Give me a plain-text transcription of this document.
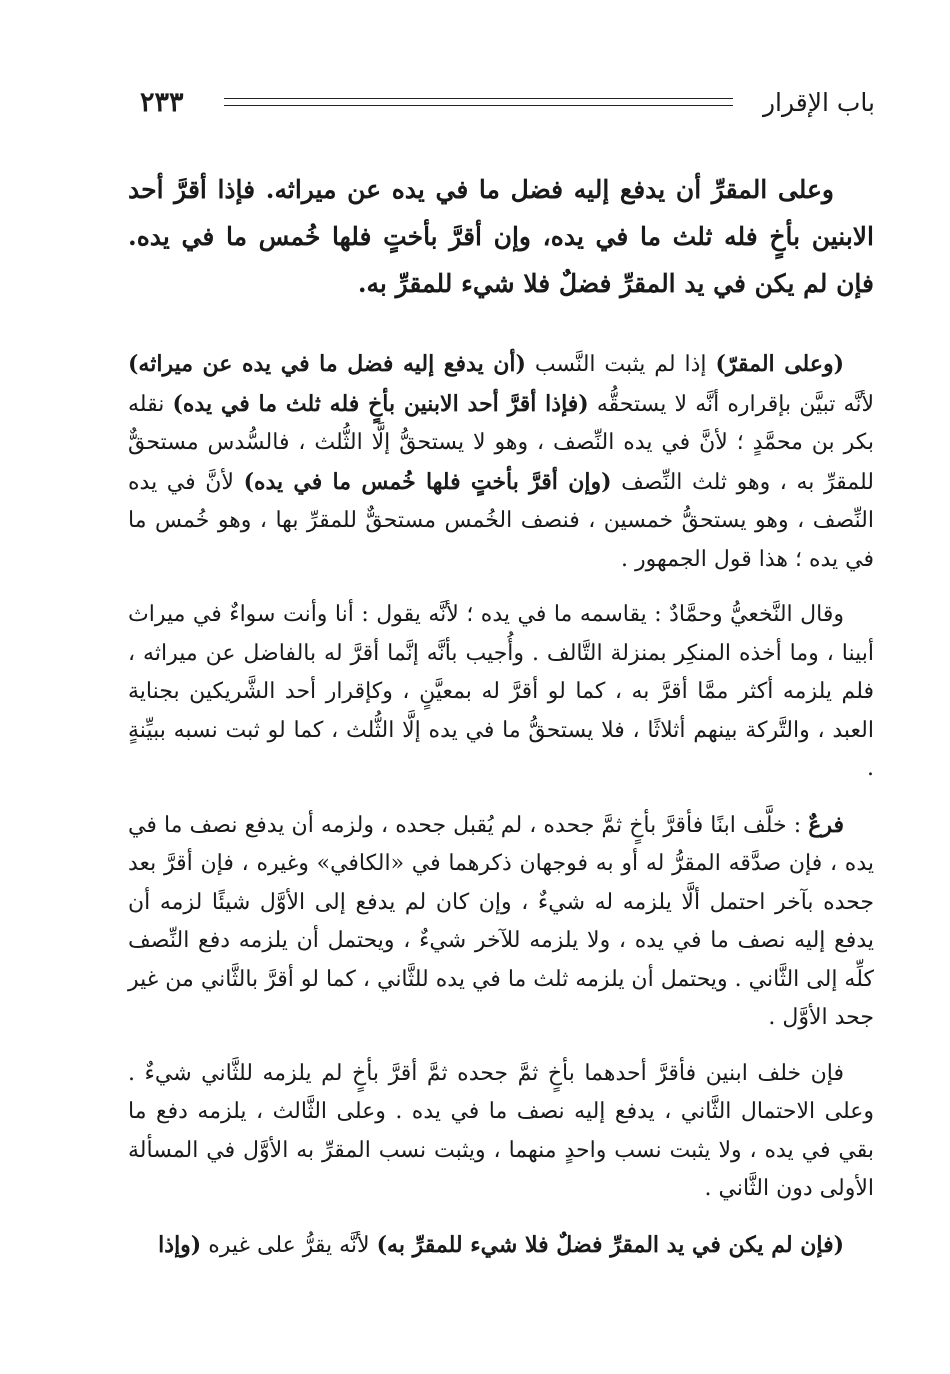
باب الإقرار
٢٣٣

وعلى المقرِّ أن يدفع إليه فضل ما في يده عن ميراثه. فإذا أقرَّ أحد الابنين بأخٍ فله ثلث ما في يده، وإن أقرَّ بأختٍ فلها خُمس ما في يده. فإن لم يكن في يد المقرِّ فضلٌ فلا شيء للمقرِّ به.

(وعلى المقرّ) إذا لم يثبت النَّسب (أن يدفع إليه فضل ما في يده عن ميراثه) لأنَّه تبيَّن بإقراره أنَّه لا يستحقُّه (فإذا أقرَّ أحد الابنين بأخٍ فله ثلث ما في يده) نقله بكر بن محمَّدٍ ؛ لأنَّ في يده النِّصف ، وهو لا يستحقُّ إلَّا الثُّلث ، فالسُّدس مستحقٌّ للمقرِّ به ، وهو ثلث النِّصف (وإن أقرَّ بأختٍ فلها خُمس ما في يده) لأنَّ في يده النِّصف ، وهو يستحقُّ خمسين ، فنصف الخُمس مستحقٌّ للمقرِّ بها ، وهو خُمس ما في يده ؛ هذا قول الجمهور .

وقال النَّخعيُّ وحمَّادٌ : يقاسمه ما في يده ؛ لأنَّه يقول : أنا وأنت سواءٌ في ميراث أبينا ، وما أخذه المنكِر بمنزلة التَّالف . وأُجيب بأنَّه إنَّما أقرَّ له بالفاضل عن ميراثه ، فلم يلزمه أكثر ممَّا أقرَّ به ، كما لو أقرَّ له بمعيَّنٍ ، وكإقرار أحد الشَّريكين بجناية العبد ، والتَّركة بينهم أثلاثًا ، فلا يستحقُّ ما في يده إلَّا الثُّلث ، كما لو ثبت نسبه ببيِّنةٍ .

فرعٌ : خلَّف ابنًا فأقرَّ بأخٍ ثمَّ جحده ، لم يُقبل جحده ، ولزمه أن يدفع نصف ما في يده ، فإن صدَّقه المقرُّ له أو به فوجهان ذكرهما في «الكافي» وغيره ، فإن أقرَّ بعد جحده بآخر احتمل ألَّا يلزمه له شيءٌ ، وإن كان لم يدفع إلى الأوَّل شيئًا لزمه أن يدفع إليه نصف ما في يده ، ولا يلزمه للآخر شيءٌ ، ويحتمل أن يلزمه دفع النِّصف كلِّه إلى الثَّاني . ويحتمل أن يلزمه ثلث ما في يده للثَّاني ، كما لو أقرَّ بالثَّاني من غير جحد الأوَّل .

فإن خلف ابنين فأقرَّ أحدهما بأخٍ ثمَّ جحده ثمَّ أقرَّ بأخٍ لم يلزمه للثَّاني شيءٌ . وعلى الاحتمال الثَّاني ، يدفع إليه نصف ما في يده . وعلى الثَّالث ، يلزمه دفع ما بقي في يده ، ولا يثبت نسب واحدٍ منهما ، ويثبت نسب المقرِّ به الأوَّل في المسألة الأولى دون الثَّاني .

(فإن لم يكن في يد المقرِّ فضلٌ فلا شيء للمقرِّ به) لأنَّه يقرُّ على غيره (وإذا
